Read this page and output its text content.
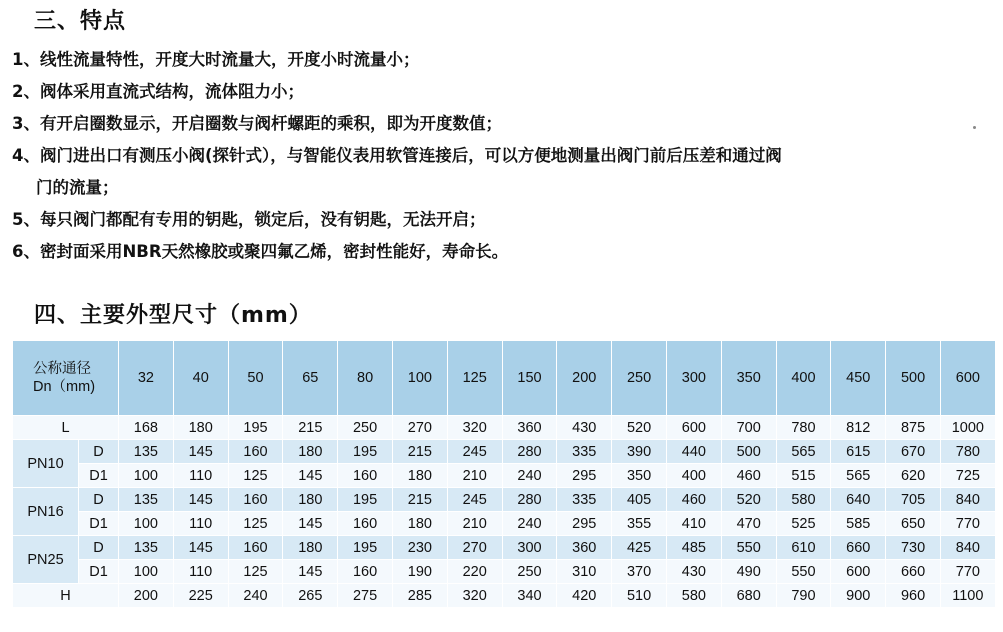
三、特点
1、线性流量特性，开度大时流量大，开度小时流量小；
2、阀体采用直流式结构，流体阻力小；
3、有开启圈数显示，开启圈数与阀杆螺距的乘积，即为开度数值；
4、阀门进出口有测压小阀(探针式），与智能仪表用软管连接后，可以方便地测量出阀门前后压差和通过阀
门的流量；
5、每只阀门都配有专用的钥匙，锁定后，没有钥匙，无法开启；
6、密封面采用NBR天然橡胶或聚四氟乙烯，密封性能好，寿命长。
四、主要外型尺寸（mm）
公称通径
Dn（mm)		32	40	50	65	80	100	125	150	200	250	300	350	400	450	500	600
L		168	180	195	215	250	270	320	360	430	520	600	700	780	812	875	1000
PN10	D	135	145	160	180	195	215	245	280	335	390	440	500	565	615	670	780
	D1	100	110	125	145	160	180	210	240	295	350	400	460	515	565	620	725
PN16	D	135	145	160	180	195	215	245	280	335	405	460	520	580	640	705	840
	D1	100	110	125	145	160	180	210	240	295	355	410	470	525	585	650	770
PN25	D	135	145	160	180	195	230	270	300	360	425	485	550	610	660	730	840
	D1	100	110	125	145	160	190	220	250	310	370	430	490	550	600	660	770
H		200	225	240	265	275	285	320	340	420	510	580	680	790	900	960	1100
